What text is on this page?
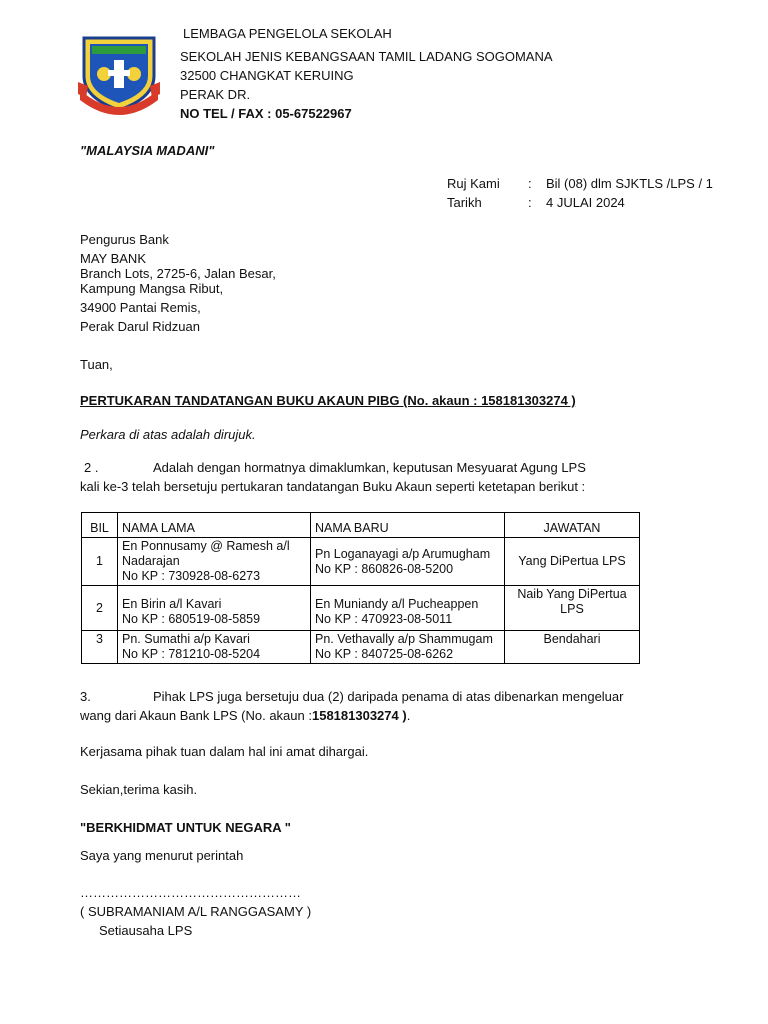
LEMBAGA PENGELOLA SEKOLAH
SEKOLAH JENIS KEBANGSAAN TAMIL LADANG SOGOMANA
32500 CHANGKAT KERUING
PERAK DR.
NO TEL / FAX : 05-67522967
"MALAYSIA MADANI"
Ruj Kami : Bil (08) dlm SJKTLS /LPS / 1
Tarikh	: 4 JULAI 2024
Pengurus Bank
MAY BANK
Branch Lots, 2725-6, Jalan Besar,
Kampung Mangsa Ribut,
34900 Pantai Remis,
Perak Darul Ridzuan
Tuan,
PERTUKARAN TANDATANGAN BUKU AKAUN PIBG (No. akaun : 158181303274 )
Perkara di atas adalah dirujuk.
2 .	Adalah dengan hormatnya dimaklumkan, keputusan Mesyuarat Agung LPS
kali ke-3 telah bersetuju pertukaran tandatangan Buku Akaun seperti ketetapan berikut :
BIL	NAMA LAMA	NAMA BARU	JAWATAN
1	En Ponnusamy @ Ramesh a/l Nadarajan
No KP : 730928-08-6273	Pn Loganayagi a/p Arumugham
No KP : 860826-08-5200	Yang DiPertua LPS
2	En Birin a/l Kavari
No KP : 680519-08-5859	En Muniandy a/l Pucheappen
No KP : 470923-08-5011	Naib Yang DiPertua LPS
3	Pn. Sumathi a/p Kavari
No KP : 781210-08-5204	Pn. Vethavally a/p Shammugam
No KP : 840725-08-6262	Bendahari
3.	Pihak LPS juga bersetuju dua (2) daripada penama di atas dibenarkan mengeluar
wang dari Akaun Bank LPS (No. akaun :158181303274 ).
Kerjasama pihak tuan dalam hal ini amat dihargai.
Sekian,terima kasih.
"BERKHIDMAT UNTUK NEGARA "
Saya yang menurut perintah
……………………………………………
( SUBRAMANIAM A/L RANGGASAMY )
Setiausaha LPS
